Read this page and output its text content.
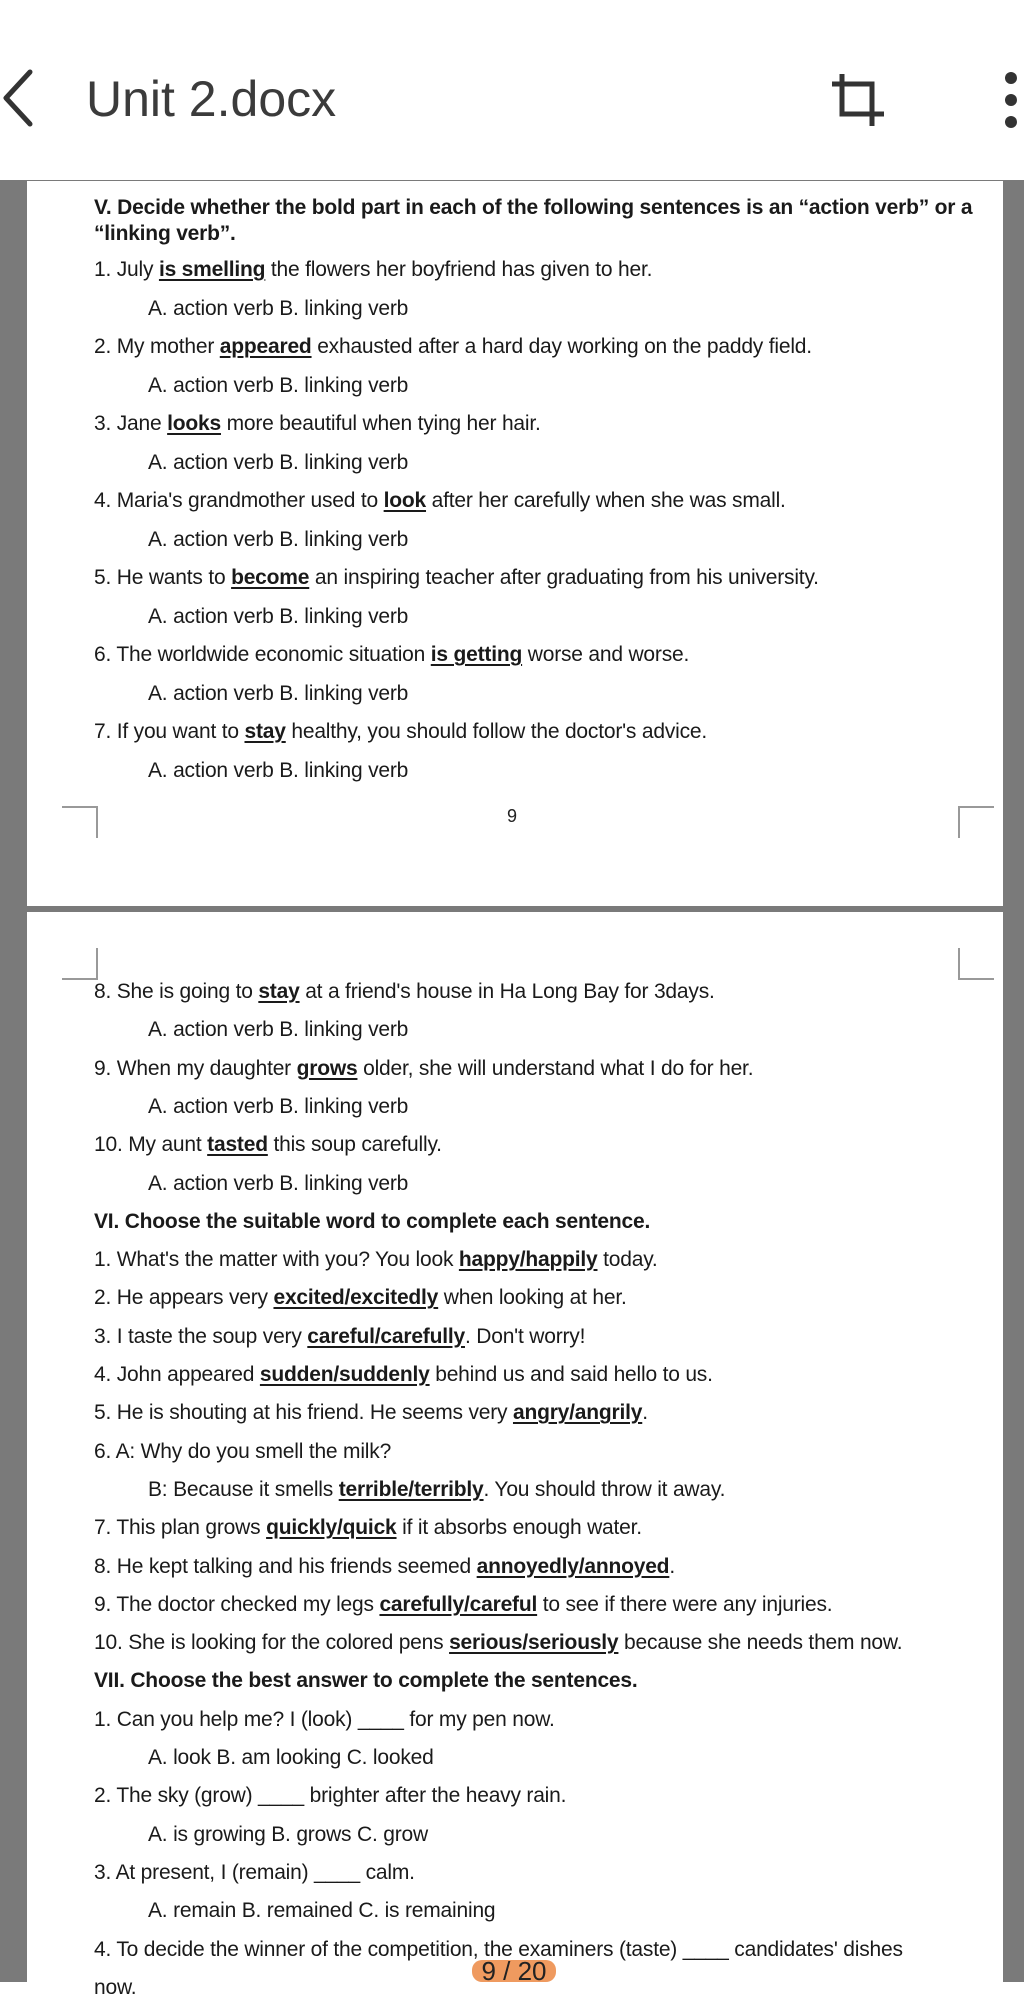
Unit 2.docx
V. Decide whether the bold part in each of the following sentences is an “action verb” or a
“linking verb”.
1. July is smelling the flowers her boyfriend has given to her.
A. action verb B. linking verb
2. My mother appeared exhausted after a hard day working on the paddy field.
A. action verb B. linking verb
3. Jane looks more beautiful when tying her hair.
A. action verb B. linking verb
4. Maria's grandmother used to look after her carefully when she was small.
A. action verb B. linking verb
5. He wants to become an inspiring teacher after graduating from his university.
A. action verb B. linking verb
6. The worldwide economic situation is getting worse and worse.
A. action verb B. linking verb
7. If you want to stay healthy, you should follow the doctor's advice.
A. action verb B. linking verb
9
8. She is going to stay at a friend's house in Ha Long Bay for 3days.
A. action verb B. linking verb
9. When my daughter grows older, she will understand what I do for her.
A. action verb B. linking verb
10. My aunt tasted this soup carefully.
A. action verb B. linking verb
VI. Choose the suitable word to complete each sentence.
1. What's the matter with you? You look happy/happily today.
2. He appears very excited/excitedly when looking at her.
3. I taste the soup very careful/carefully. Don't worry!
4. John appeared sudden/suddenly behind us and said hello to us.
5. He is shouting at his friend. He seems very angry/angrily.
6. A: Why do you smell the milk?
B: Because it smells terrible/terribly. You should throw it away.
7. This plan grows quickly/quick if it absorbs enough water.
8. He kept talking and his friends seemed annoyedly/annoyed.
9. The doctor checked my legs carefully/careful to see if there were any injuries.
10. She is looking for the colored pens serious/seriously because she needs them now.
VII. Choose the best answer to complete the sentences.
1. Can you help me? I (look) ____ for my pen now.
A. look B. am looking C. looked
2. The sky (grow) ____ brighter after the heavy rain.
A. is growing B. grows C. grow
3. At present, I (remain) ____ calm.
A. remain B. remained C. is remaining
4. To decide the winner of the competition, the examiners (taste) ____ candidates' dishes
now.
9 / 20
